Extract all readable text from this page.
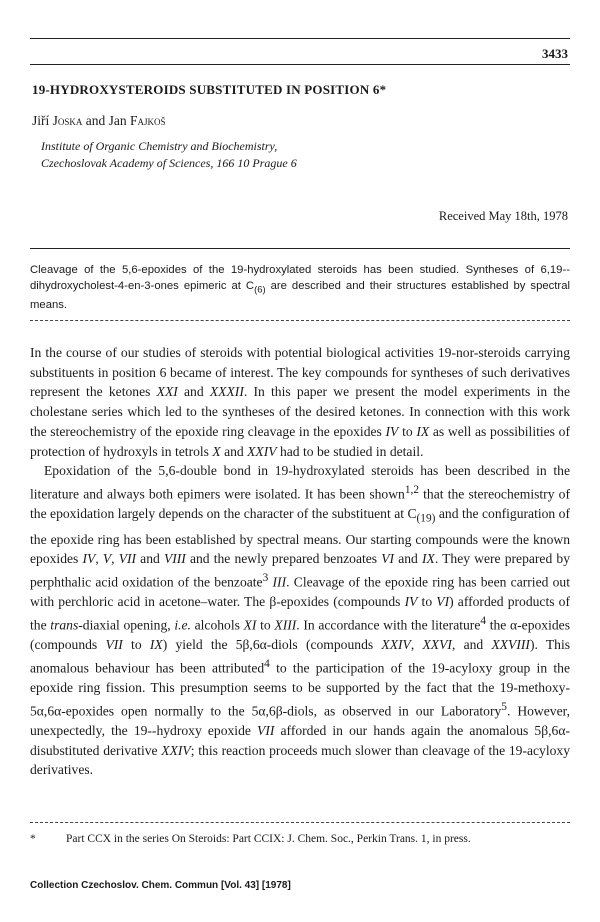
3433
19-HYDROXYSTEROIDS SUBSTITUTED IN POSITION 6*
Jiří Joska and Jan Fajkoš
Institute of Organic Chemistry and Biochemistry,
Czechoslovak Academy of Sciences, 166 10 Prague 6
Received May 18th, 1978

Cleavage of the 5,6-epoxides of the 19-hydroxylated steroids has been studied. Syntheses of 6,19--dihydroxycholest-4-en-3-ones epimeric at $C_{(6)}$ are described and their structures established by spectral means.

In the course of our studies of steroids with potential biological activities 19-nor-steroids carrying substituents in position 6 became of interest. The key compounds for syntheses of such derivatives represent the ketones XXI and XXXII. In this paper we present the model experiments in the cholestane series which led to the syntheses of the desired ketones. In connection with this work the stereochemistry of the epoxide ring cleavage in the epoxides IV to IX as well as possibilities of protection of hydroxyls in tetrols X and XXIV had to be studied in detail.

Epoxidation of the 5,6-double bond in 19-hydroxylated steroids has been described in the literature and always both epimers were isolated. It has been shown$^{1,2}$ that the stereochemistry of the epoxidation largely depends on the character of the substituent at $C_{(19)}$ and the configuration of the epoxide ring has been established by spectral means. Our starting compounds were the known epoxides IV, V, VII and VIII and the newly prepared benzoates VI and IX. They were prepared by perphthalic acid oxidation of the benzoate$^3$ III. Cleavage of the epoxide ring has been carried out with perchloric acid in acetone–water. The β-epoxides (compounds IV to VI) afforded products of the trans-diaxial opening, i.e. alcohols XI to XIII. In accordance with the literature$^4$ the α-epoxides (compounds VII to IX) yield the 5β,6α-diols (compounds XXIV, XXVI, and XXVIII). This anomalous behaviour has been attributed$^4$ to the participation of the 19-acyloxy group in the epoxide ring fission. This presumption seems to be supported by the fact that the 19-methoxy-5α,6α-epoxides open normally to the 5α,6β-diols, as observed in our Laboratory$^5$. However, unexpectedly, the 19--hydroxy epoxide VII afforded in our hands again the anomalous 5β,6α-disubstituted derivative XXIV; this reaction proceeds much slower than cleavage of the 19-acyloxy derivatives.

*	Part CCX in the series On Steroids: Part CCIX: J. Chem. Soc., Perkin Trans. 1, in press.
Collection Czechoslov. Chem. Commun [Vol. 43] [1978]
